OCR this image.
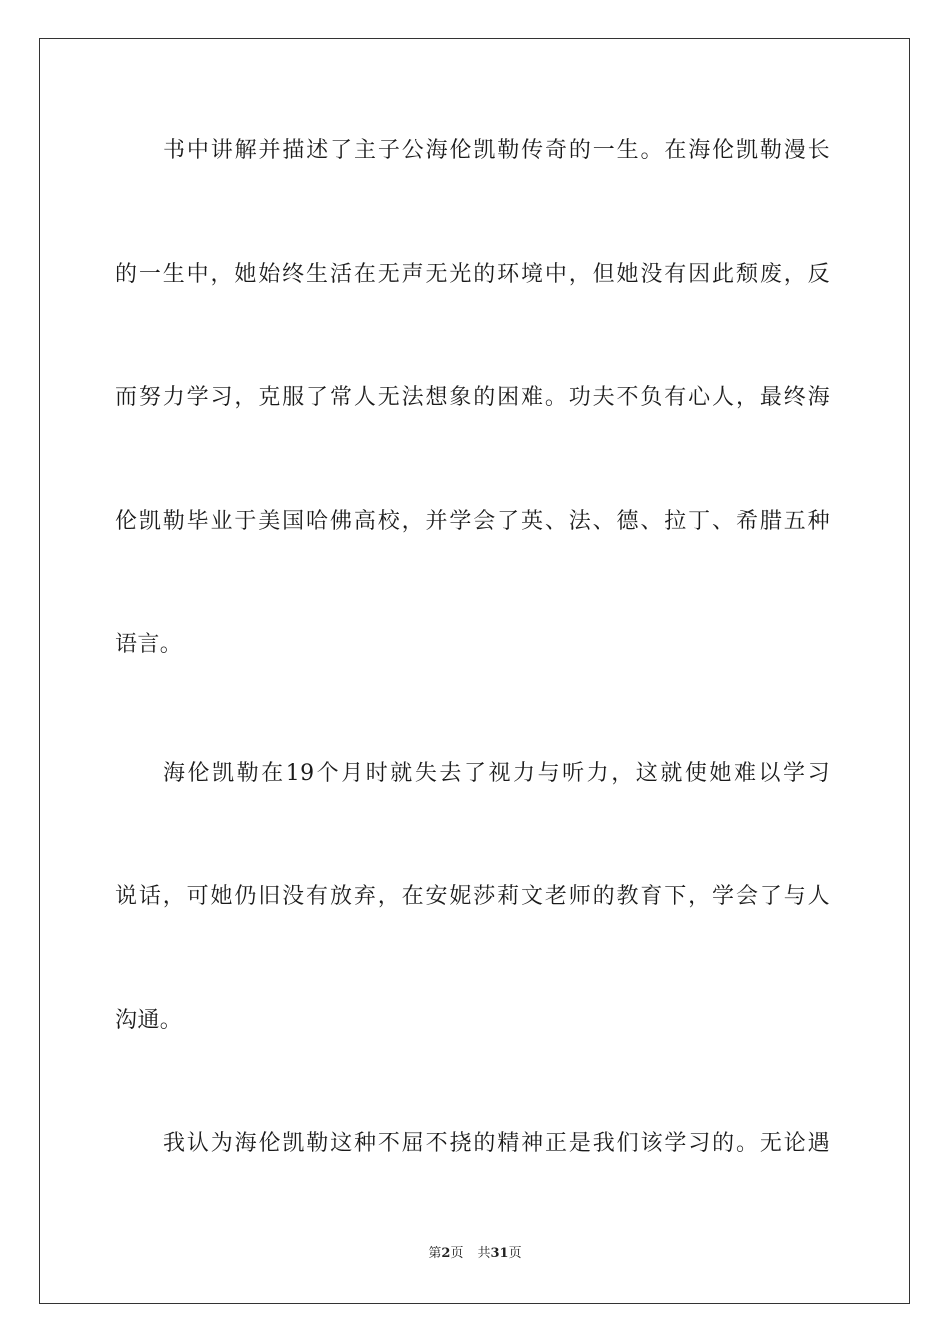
书中讲解并描述了主子公海伦凯勒传奇的一生。在海伦凯勒漫长
的一生中，她始终生活在无声无光的环境中，但她没有因此颓废，反
而努力学习，克服了常人无法想象的困难。功夫不负有心人，最终海
伦凯勒毕业于美国哈佛高校，并学会了英、法、德、拉丁、希腊五种
语言。
海伦凯勒在19个月时就失去了视力与听力，这就使她难以学习
说话，可她仍旧没有放弃，在安妮莎莉文老师的教育下，学会了与人
沟通。
我认为海伦凯勒这种不屈不挠的精神正是我们该学习的。无论遇
第2页 共31页
